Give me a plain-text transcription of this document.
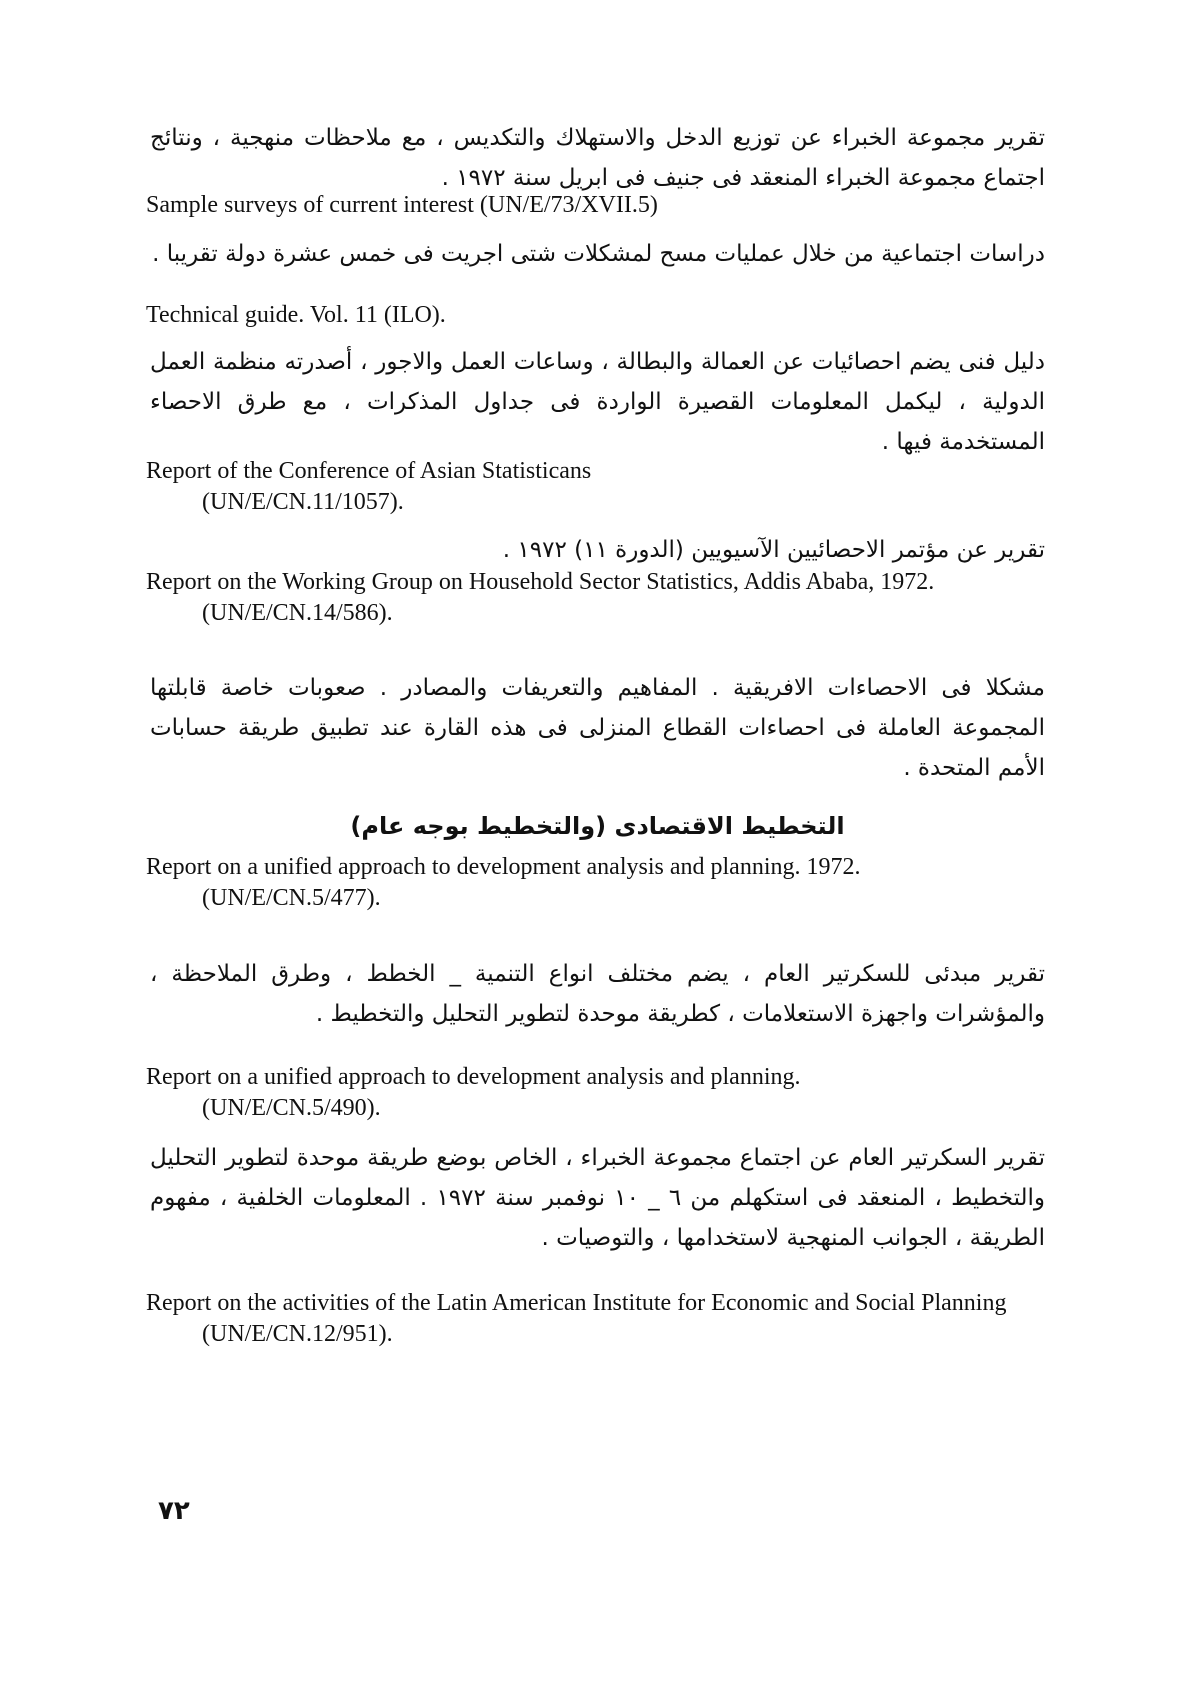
تقرير مجموعة الخبراء عن توزيع الدخل والاستهلاك والتكديس ، مع ملاحظات منهجية ، ونتائج اجتماع مجموعة الخبراء المنعقد فى جنيف فى ابريل سنة ١٩٧٢ .

Sample surveys of current interest (UN/E/73/XVII.5)

دراسات اجتماعية من خلال عمليات مسح لمشكلات شتى اجريت فى خمس عشرة دولة تقريبا .

Technical guide. Vol. 11 (ILO).

دليل فنى يضم احصائيات عن العمالة والبطالة ، وساعات العمل والاجور ، أصدرته منظمة العمل الدولية ، ليكمل المعلومات القصيرة الواردة فى جداول المذكرات ، مع طرق الاحصاء المستخدمة فيها .

Report of the Conference of Asian Statisticans
(UN/E/CN.11/1057).

تقرير عن مؤتمر الاحصائيين الآسيويين (الدورة ١١) ١٩٧٢ .

Report on the Working Group on Household Sector Statistics, Addis Ababa, 1972.
(UN/E/CN.14/586).

مشكلا فى الاحصاءات الافريقية . المفاهيم والتعريفات والمصادر . صعوبات خاصة قابلتها المجموعة العاملة فى احصاءات القطاع المنزلى فى هذه القارة عند تطبيق طريقة حسابات الأمم المتحدة .

التخطيط الاقتصادى (والتخطيط بوجه عام)

Report on a unified approach to development analysis and planning. 1972.
(UN/E/CN.5/477).

تقرير مبدئى للسكرتير العام ، يضم مختلف انواع التنمية _ الخطط ، وطرق الملاحظة ، والمؤشرات واجهزة الاستعلامات ، كطريقة موحدة لتطوير التحليل والتخطيط .

Report on a unified approach to development analysis and planning.
(UN/E/CN.5/490).

تقرير السكرتير العام عن اجتماع مجموعة الخبراء ، الخاص بوضع طريقة موحدة لتطوير التحليل والتخطيط ، المنعقد فى استكهلم من ٦ _ ١٠ نوفمبر سنة ١٩٧٢ . المعلومات الخلفية ، مفهوم الطريقة ، الجوانب المنهجية لاستخدامها ، والتوصيات .

Report on the activities of the Latin American Institute for Economic and Social Planning
(UN/E/CN.12/951).

٧٢
